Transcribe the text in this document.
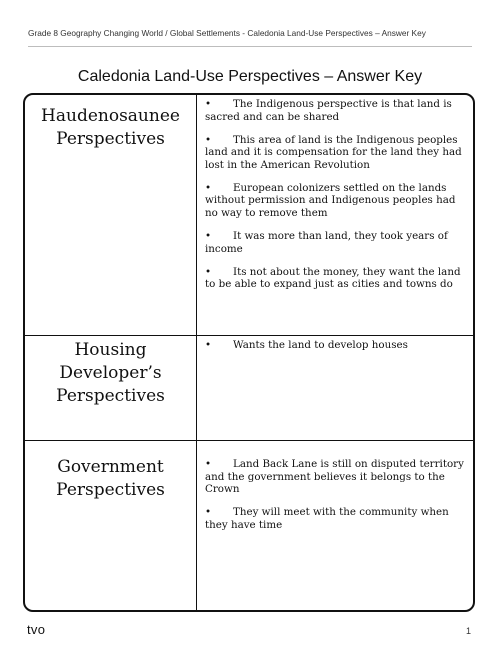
Grade 8 Geography Changing World / Global Settlements - Caledonia Land-Use Perspectives – Answer Key
Caledonia Land-Use Perspectives – Answer Key
Haudenosaunee Perspectives
• The Indigenous perspective is that land is sacred and can be shared
• This area of land is the Indigenous peoples land and it is compensation for the land they had lost in the American Revolution
• European colonizers settled on the lands without permission and Indigenous peoples had no way to remove them
• It was more than land, they took years of income
• Its not about the money, they want the land to be able to expand just as cities and towns do
Housing Developer’s Perspectives
• Wants the land to develop houses
Government Perspectives
• Land Back Lane is still on disputed territory and the government believes it belongs to the Crown
• They will meet with the community when they have time
tvo	1
